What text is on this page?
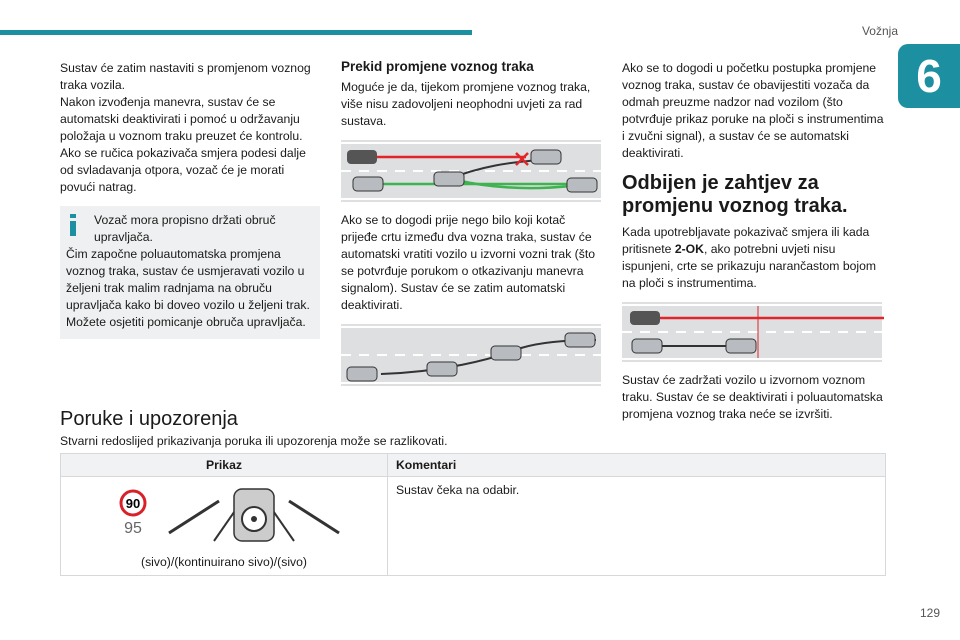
Vožnja
6

Sustav će zatim nastaviti s promjenom voznog traka vozila.

Nakon izvođenja manevra, sustav će se automatski deaktivirati i pomoć u održavanju položaja u voznom traku preuzet će kontrolu.

Ako se ručica pokazivača smjera podesi dalje od svladavanja otpora, vozač će je morati povući natrag.

Vozač mora propisno držati obruč upravljača.

Čim započne poluautomatska promjena voznog traka, sustav će usmjeravati vozilo u željeni trak malim radnjama na obruču upravljača kako bi doveo vozilo u željeni trak. Možete osjetiti pomicanje obruča upravljača.

Prekid promjene voznog traka

Moguće je da, tijekom promjene voznog traka, više nisu zadovoljeni neophodni uvjeti za rad sustava.

Ako se to dogodi prije nego bilo koji kotač prijeđe crtu između dva vozna traka, sustav će automatski vratiti vozilo u izvorni vozni trak (što se potvrđuje porukom o otkazivanju manevra signalom). Sustav će se zatim automatski deaktivirati.

Ako se to dogodi u početku postupka promjene voznog traka, sustav će obavijestiti vozača da odmah preuzme nadzor nad vozilom (što potvrđuje prikaz poruke na ploči s instrumentima i zvučni signal), a sustav će se automatski deaktivirati.

Odbijen je zahtjev za promjenu voznog traka.

Kada upotrebljavate pokazivač smjera ili kada pritisnete 2-OK, ako potrebni uvjeti nisu ispunjeni, crte se prikazuju narančastom bojom na ploči s instrumentima.

Sustav će zadržati vozilo u izvornom voznom traku. Sustav će se deaktivirati i poluautomatska promjena voznog traka neće se izvršiti.

Poruke i upozorenja

Stvarni redoslijed prikazivanja poruka ili upozorenja može se razlikovati.

Prikaz	Komentari

90
95
(sivo)/(kontinuirano sivo)/(sivo)	Sustav čeka na odabir.
129
